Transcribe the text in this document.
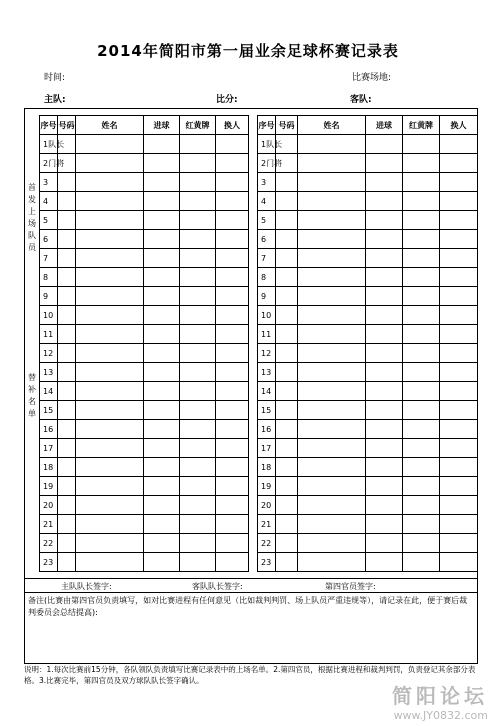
2014年简阳市第一届业余足球杯赛记录表
时间:	比赛场地:
主队:	比分:	客队:
首
发
上
场
队
员
替
补
名
单
序号	号码	姓名	进球	红黄牌	换人
1队长					
2门将					
3					
4					
5					
6					
7					
8					
9					
10					
11					
12					
13					
14					
15					
16					
17					
18					
19					
20					
21					
22					
23					
序号	号码	姓名	进球	红黄牌	换人
1队长					
2门将					
3					
4					
5					
6					
7					
8					
9					
10					
11					
12					
13					
14					
15					
16					
17					
18					
19					
20					
21					
22					
23					
主队队长签字:	客队队长签字:	第四官员签字:
备注(比赛由第四官员负责填写，如对比赛进程有任何意见（比如裁判判罚、场上队员严重违规等），请记录在此，便于赛后裁判委员会总结提高):
说明：1.每次比赛前15分钟，各队领队负责填写比赛记录表中的上场名单。2.第四官员，根据比赛进程和裁判判罚，负责登记其余部分表格。3.比赛完毕，第四官员及双方球队队长签字确认。
简阳论坛
www.JY0832.com
